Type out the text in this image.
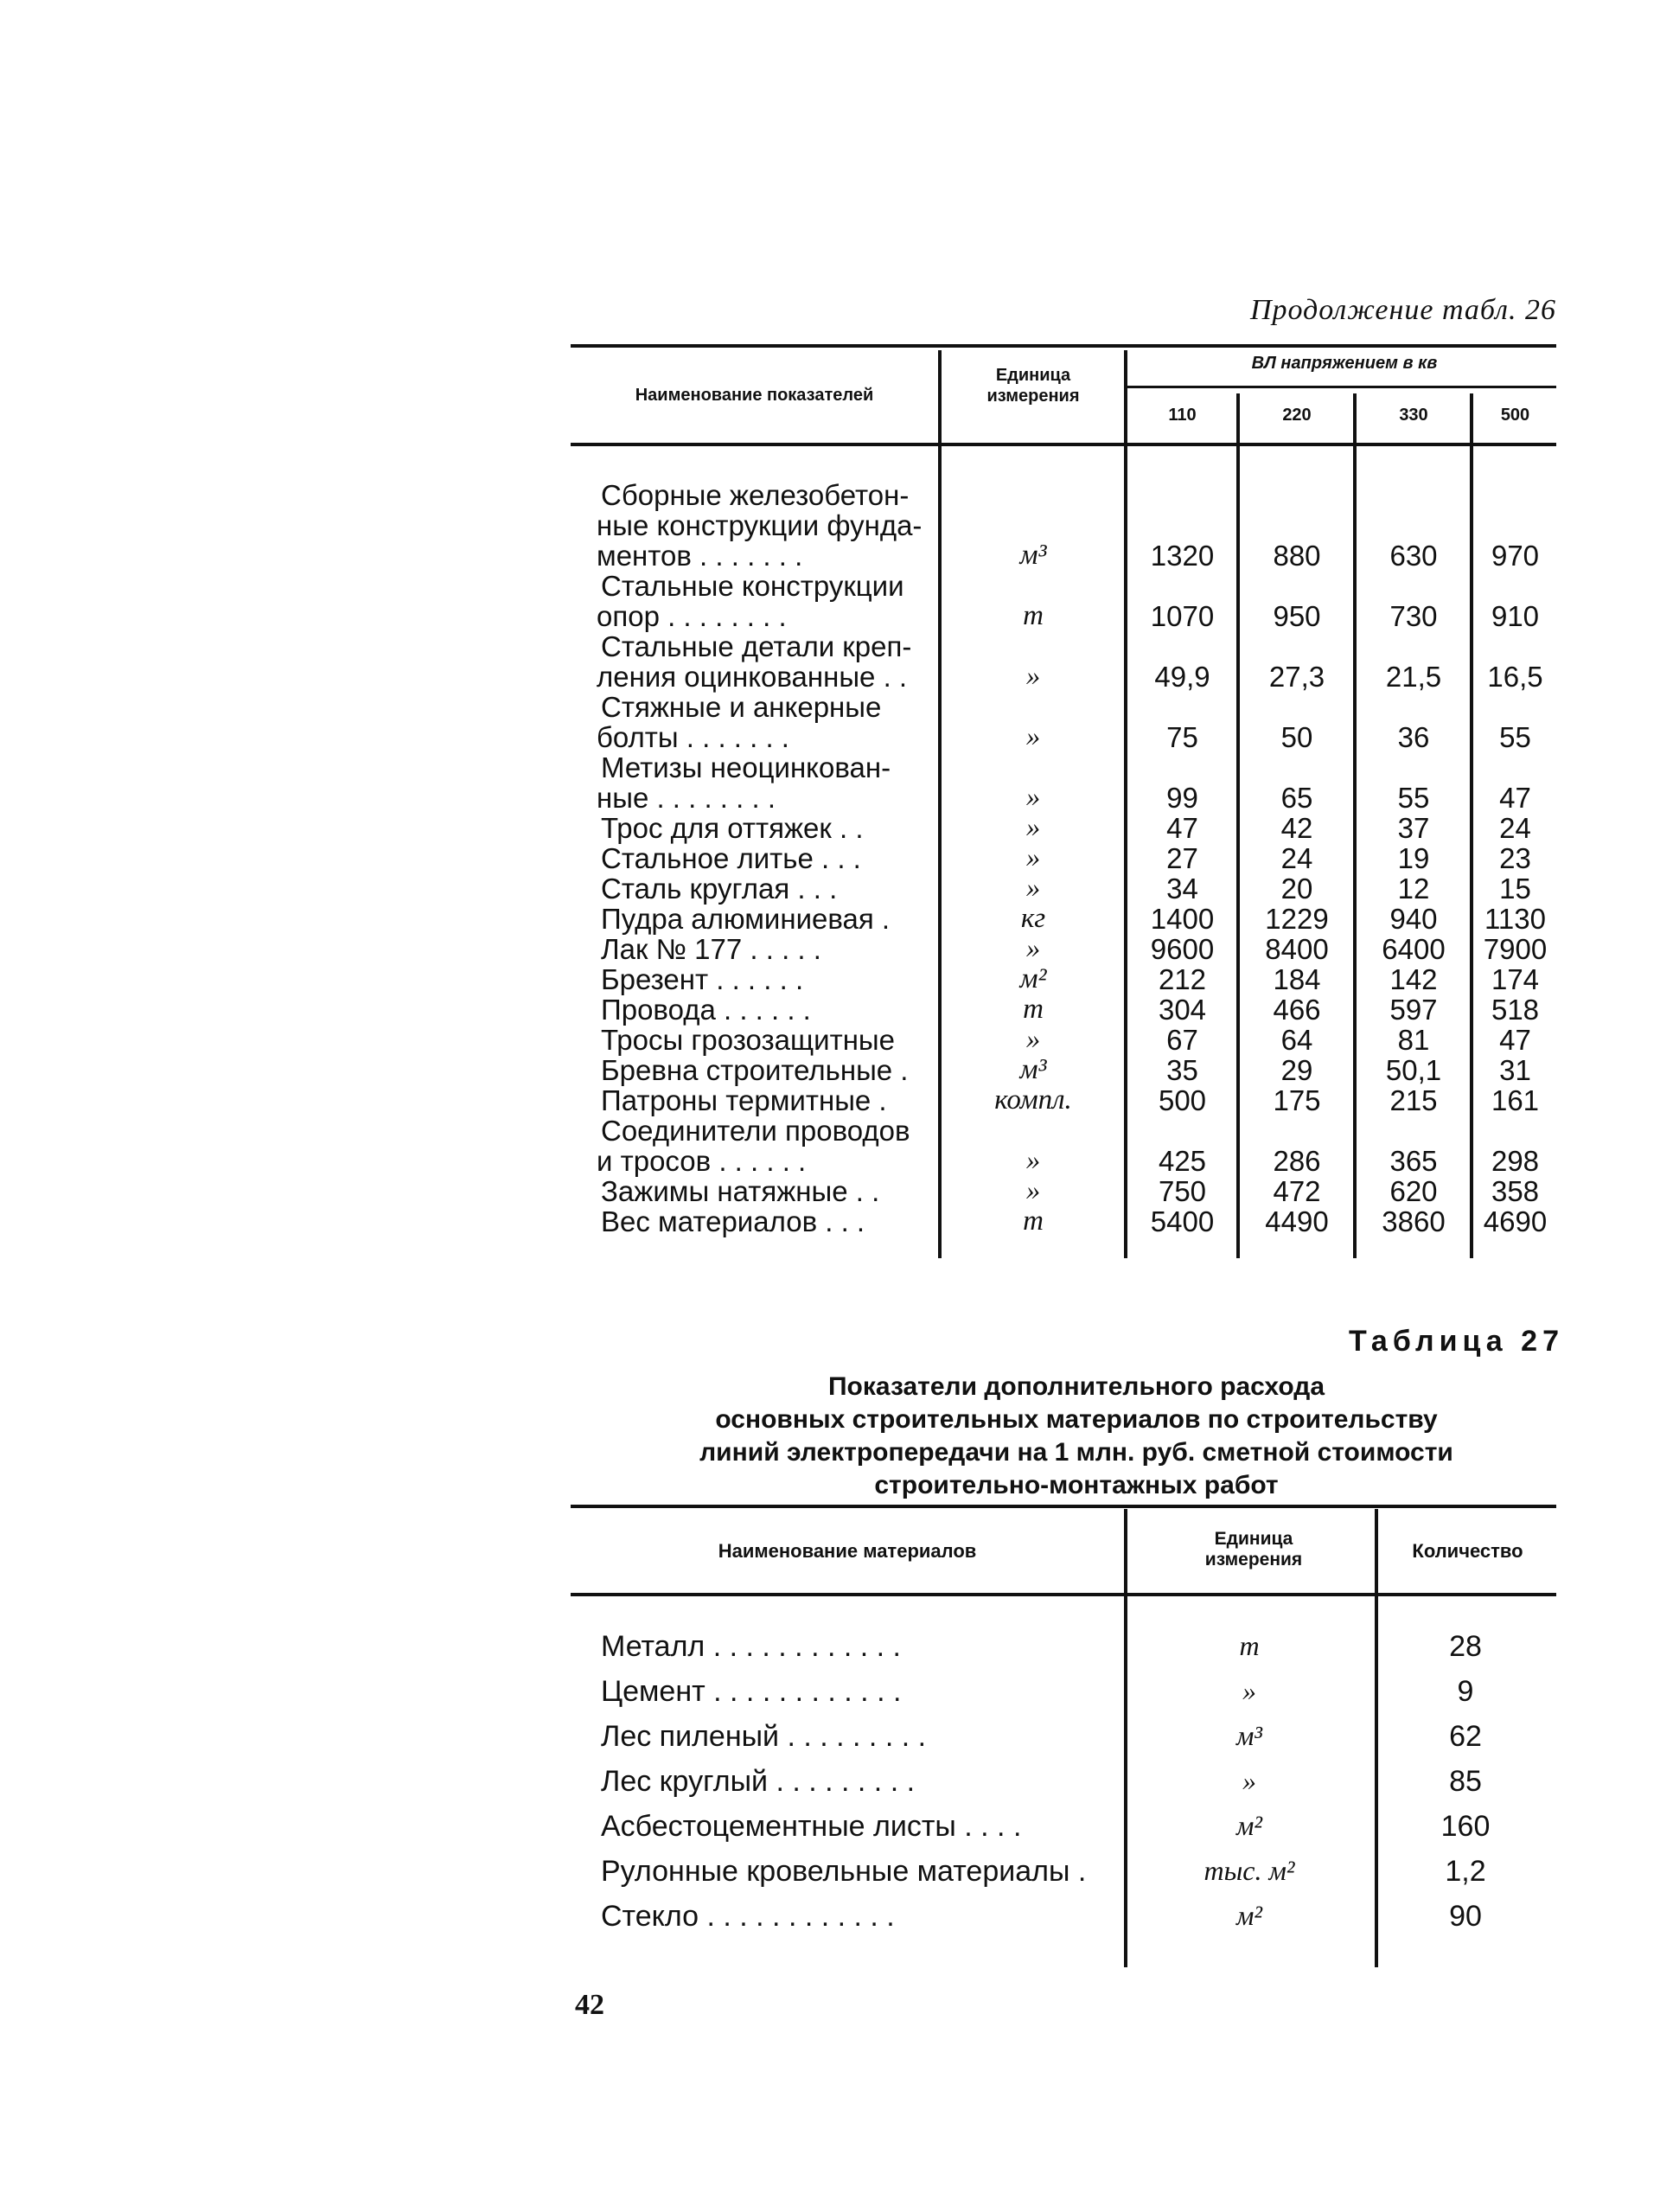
Продолжение табл. 26
Наименование показателей
Единица измерения
ВЛ напряжением в кв
110	220	330	500
Сборные железобетон-
ные конструкции фунда-
ментов . . . . . . .	м³	1320	880	630	970
Стальные конструкции
опор . . . . . . . .	т	1070	950	730	910
Стальные детали креп-
ления оцинкованные . .	»	49,9	27,3	21,5	16,5
Стяжные и анкерные
болты . . . . . . .	»	75	50	36	55
Метизы неоцинкован-
ные . . . . . . . .	»	99	65	55	47
Трос для оттяжек . .	»	47	42	37	24
Стальное литье . . .	»	27	24	19	23
Сталь круглая . . .	»	34	20	12	15
Пудра алюминиевая .	кг	1400	1229	940	1130
Лак № 177 . . . . .	»	9600	8400	6400	7900
Брезент . . . . . .	м²	212	184	142	174
Провода . . . . . .	т	304	466	597	518
Тросы грозозащитные	»	67	64	81	47
Бревна строительные .	м³	35	29	50,1	31
Патроны термитные .	компл.	500	175	215	161
Соединители проводов
и тросов . . . . . .	»	425	286	365	298
Зажимы натяжные . .	»	750	472	620	358
Вес материалов . . .	т	5400	4490	3860	4690
Таблица 27
Показатели дополнительного расхода
основных строительных материалов по строительству
линий электропередачи на 1 млн. руб. сметной стоимости
строительно-монтажных работ
Наименование материалов
Единица измерения	Количество
Металл . . . . . . . . . . . .	т	28
Цемент . . . . . . . . . . . .	»	9
Лес пиленый . . . . . . . . .	м³	62
Лес круглый . . . . . . . . .	»	85
Асбестоцементные листы . . . .	м²	160
Рулонные кровельные материалы .	тыс. м²	1,2
Стекло . . . . . . . . . . . .	м²	90
42
